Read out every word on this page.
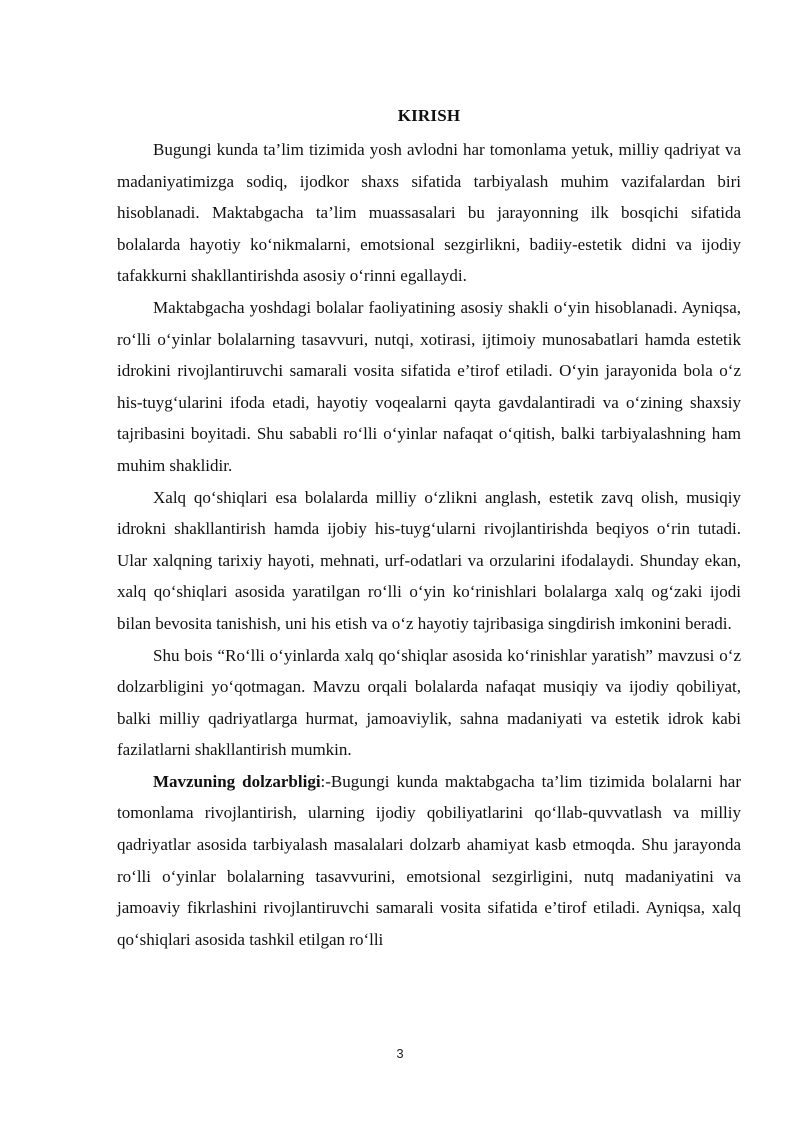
KIRISH

Bugungi kunda ta’lim tizimida yosh avlodni har tomonlama yetuk, milliy qadriyat va madaniyatimizga sodiq, ijodkor shaxs sifatida tarbiyalash muhim vazifalardan biri hisoblanadi. Maktabgacha ta’lim muassasalari bu jarayonning ilk bosqichi sifatida bolalarda hayotiy ko‘nikmalarni, emotsional sezgirlikni, badiiy-estetik didni va ijodiy tafakkurni shakllantirishda asosiy o‘rinni egallaydi.

Maktabgacha yoshdagi bolalar faoliyatining asosiy shakli o‘yin hisoblanadi. Ayniqsa, ro‘lli o‘yinlar bolalarning tasavvuri, nutqi, xotirasi, ijtimoiy munosabatlari hamda estetik idrokini rivojlantiruvchi samarali vosita sifatida e’tirof etiladi. O‘yin jarayonida bola o‘z his-tuyg‘ularini ifoda etadi, hayotiy voqealarni qayta gavdalantiradi va o‘zining shaxsiy tajribasini boyitadi. Shu sababli ro‘lli o‘yinlar nafaqat o‘qitish, balki tarbiyalashning ham muhim shaklidir.

Xalq qo‘shiqlari esa bolalarda milliy o‘zlikni anglash, estetik zavq olish, musiqiy idrokni shakllantirish hamda ijobiy his-tuyg‘ularni rivojlantirishda beqiyos o‘rin tutadi. Ular xalqning tarixiy hayoti, mehnati, urf-odatlari va orzularini ifodalaydi. Shunday ekan, xalq qo‘shiqlari asosida yaratilgan ro‘lli o‘yin ko‘rinishlari bolalarga xalq og‘zaki ijodi bilan bevosita tanishish, uni his etish va o‘z hayotiy tajribasiga singdirish imkonini beradi.

Shu bois “Ro‘lli o‘yinlarda xalq qo‘shiqlar asosida ko‘rinishlar yaratish” mavzusi o‘z dolzarbligini yo‘qotmagan. Mavzu orqali bolalarda nafaqat musiqiy va ijodiy qobiliyat, balki milliy qadriyatlarga hurmat, jamoaviylik, sahna madaniyati va estetik idrok kabi fazilatlarni shakllantirish mumkin.

Mavzuning dolzarbligi:-Bugungi kunda maktabgacha ta’lim tizimida bolalarni har tomonlama rivojlantirish, ularning ijodiy qobiliyatlarini qo‘llab-quvvatlash va milliy qadriyatlar asosida tarbiyalash masalalari dolzarb ahamiyat kasb etmoqda. Shu jarayonda ro‘lli o‘yinlar bolalarning tasavvurini, emotsional sezgirligini, nutq madaniyatini va jamoaviy fikrlashini rivojlantiruvchi samarali vosita sifatida e’tirof etiladi. Ayniqsa, xalq qo‘shiqlari asosida tashkil etilgan ro‘lli

3
